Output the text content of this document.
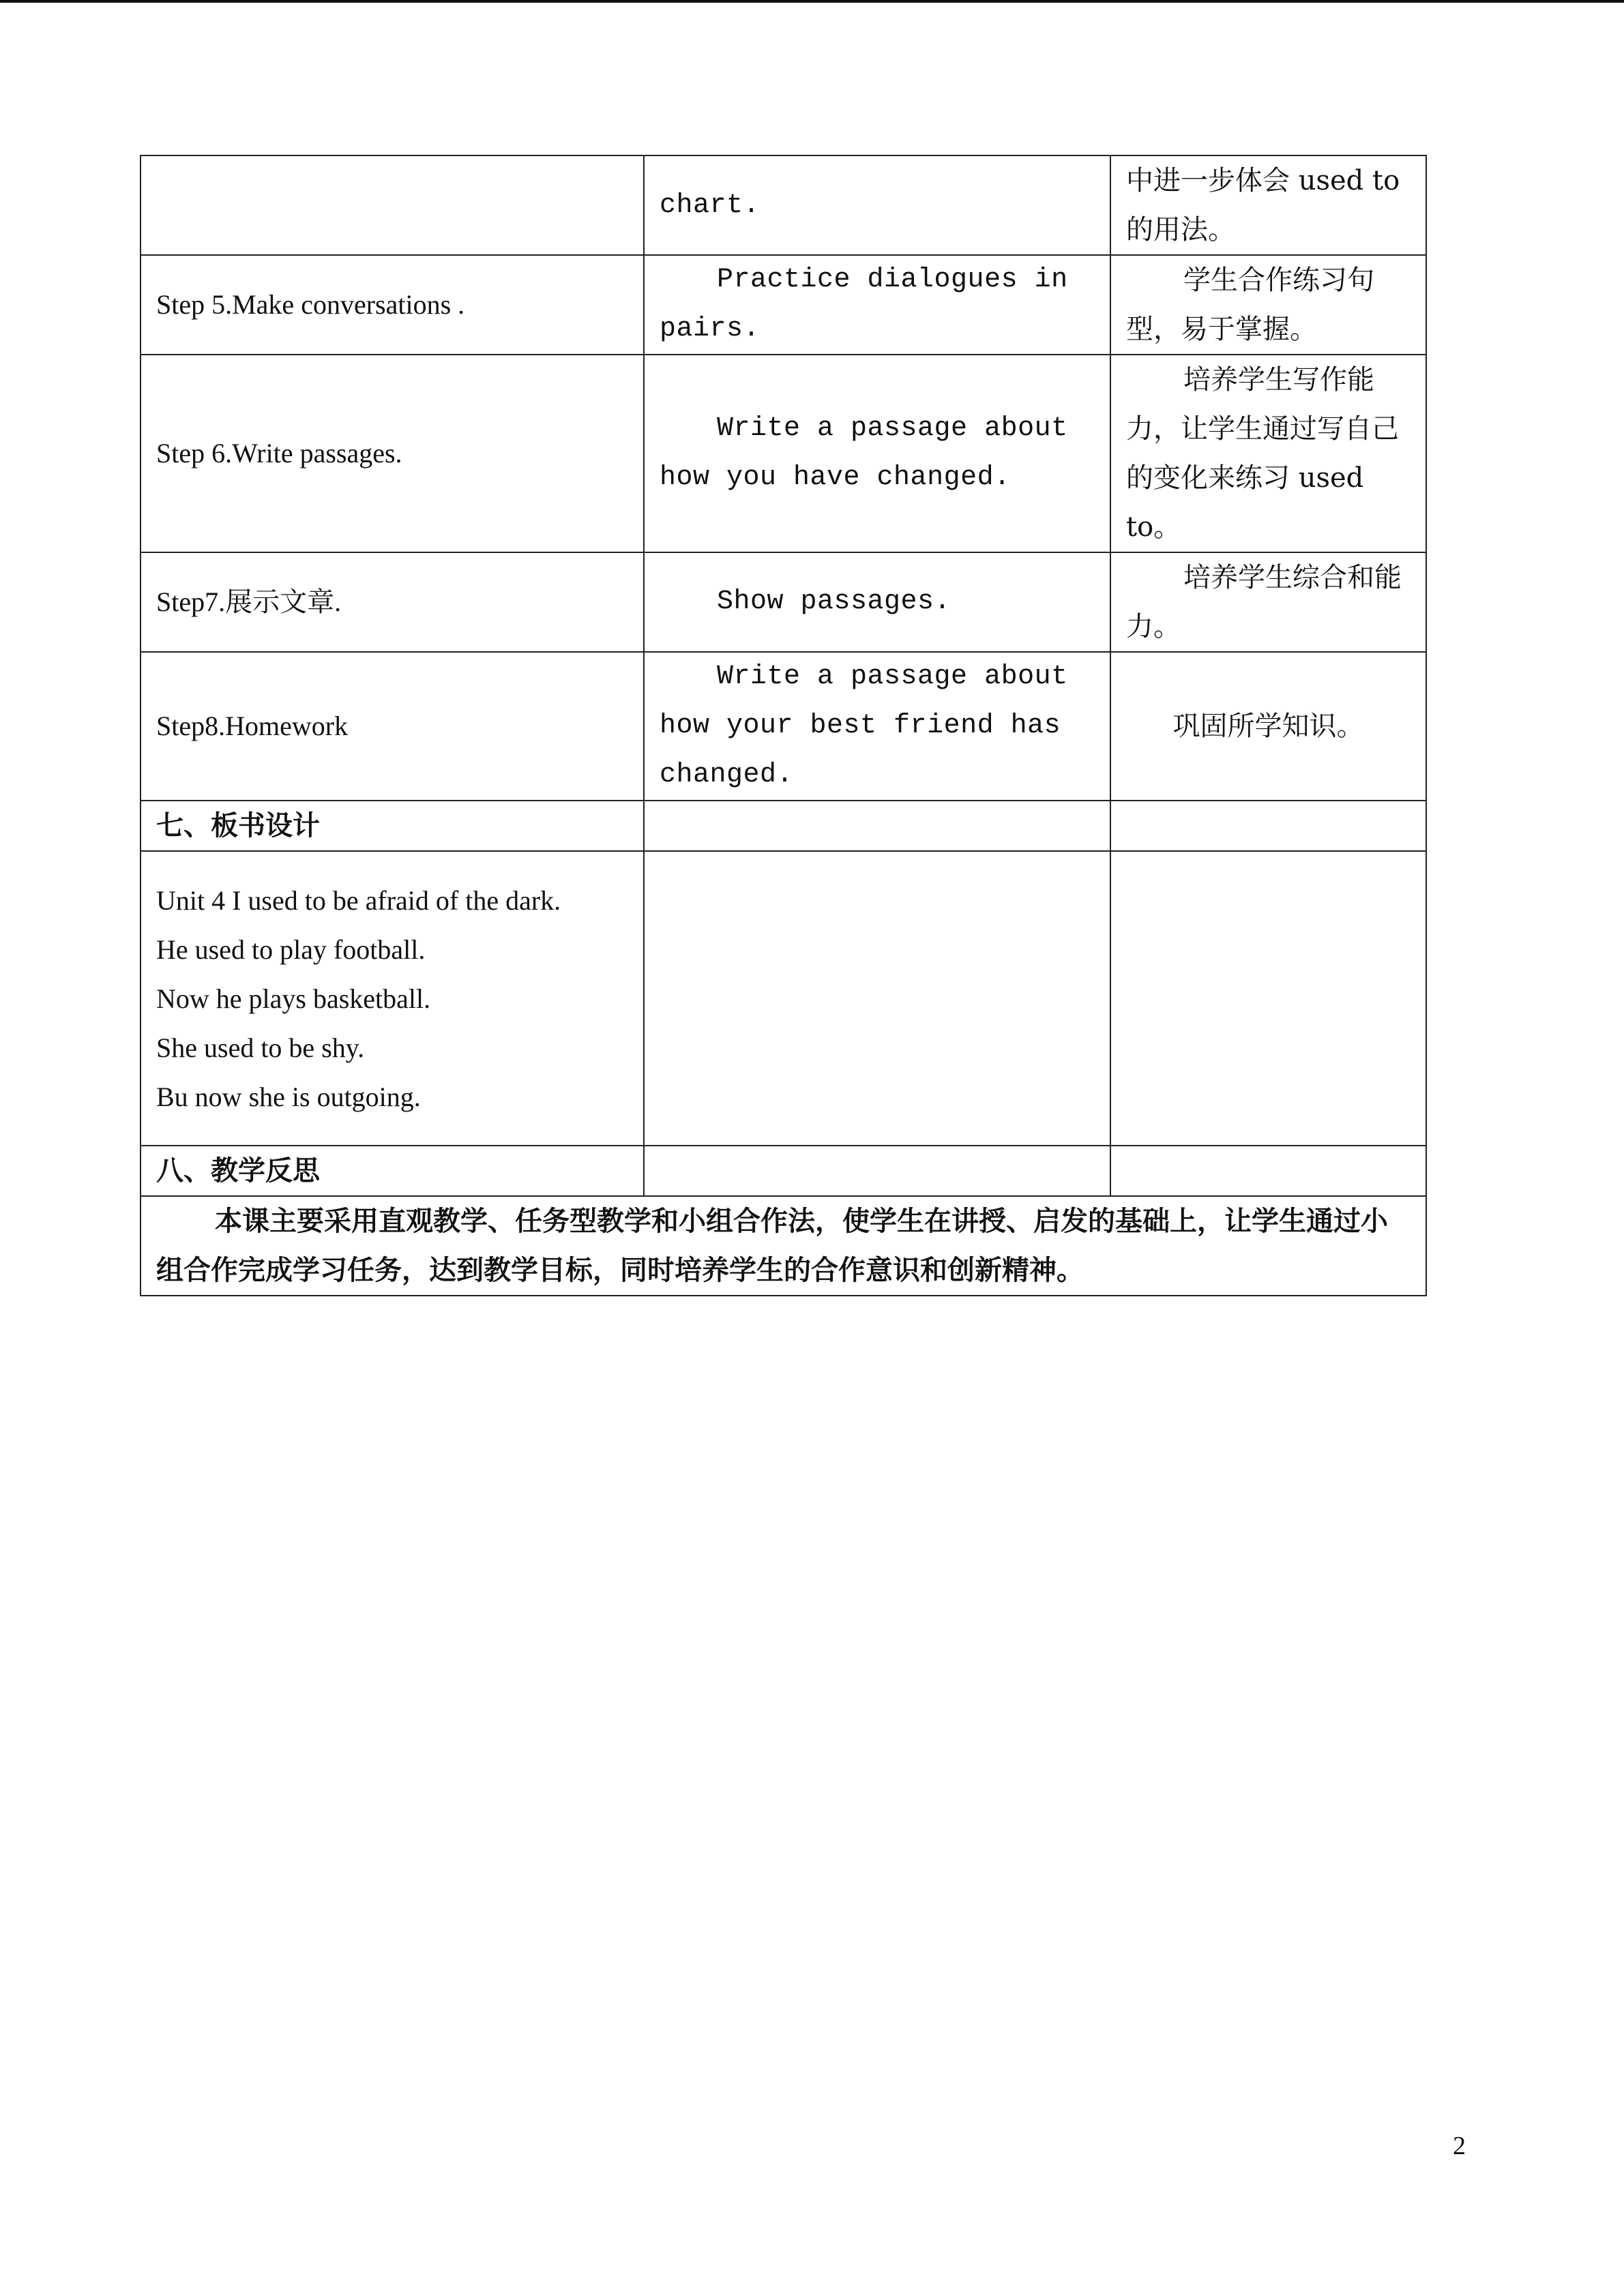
	chart.	中进一步体会 used to 的用法。
Step 5.Make conversations .	Practice dialogues in pairs.	学生合作练习句型，易于掌握。
Step 6.Write passages.	Write a passage about how you have changed.	培养学生写作能力，让学生通过写自己的变化来练习 used to。
Step7.展示文章.	Show passages.	培养学生综合和能力。
Step8.Homework	Write a passage about how your best friend has changed.	巩固所学知识。
七、板书设计		

Unit 4 I used to be afraid of the dark.
He used to play football.
Now he plays basketball.
She used to be shy.
Bu now she is outgoing.		

八、教学反思		
本课主要采用直观教学、任务型教学和小组合作法，使学生在讲授、启发的基础上，让学生通过小组合作完成学习任务，达到教学目标，同时培养学生的合作意识和创新精神。		
2
